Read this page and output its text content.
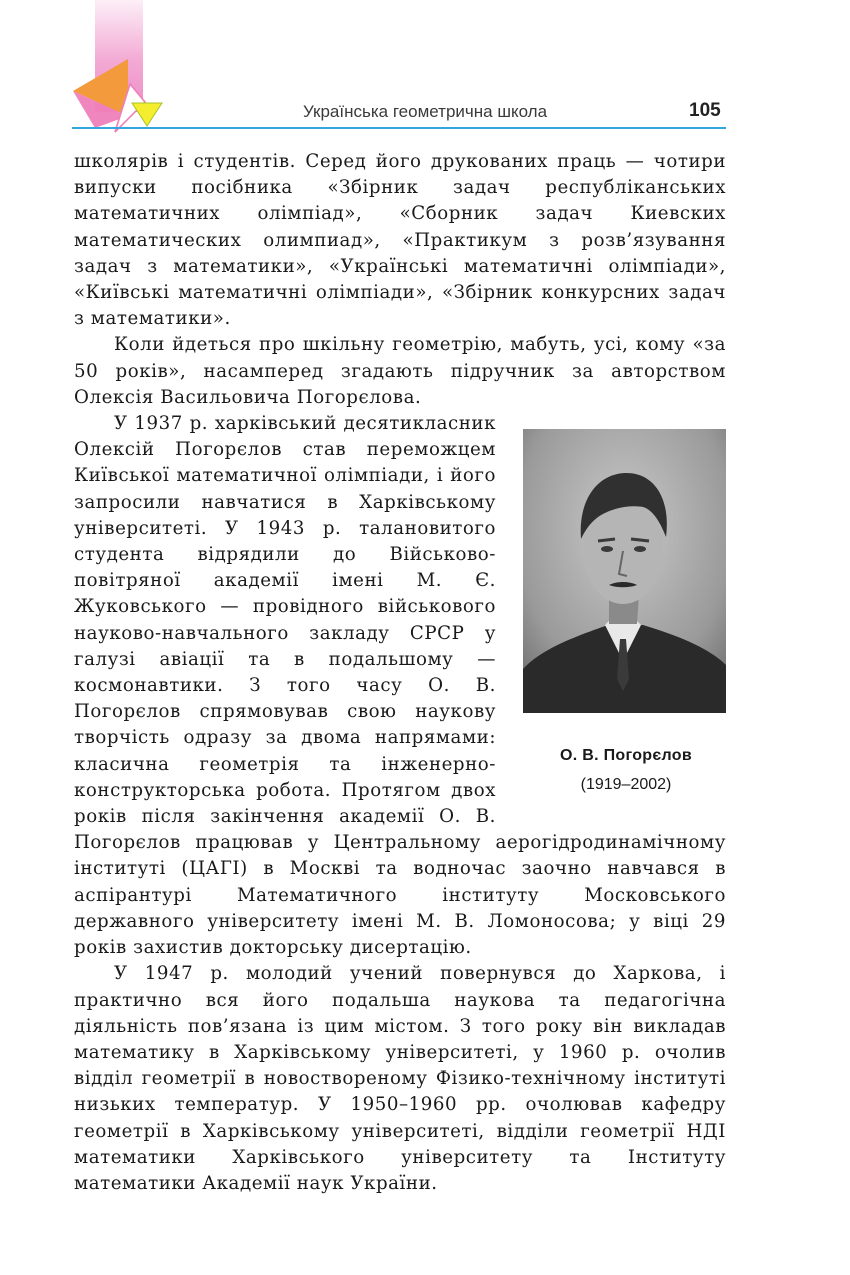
Українська геометрична школа	105

школярів і студентів. Серед його друкованих праць — чотири випуски посібника «Збірник задач республіканських математичних олімпіад», «Сборник задач Киевских математических олимпиад», «Практикум з розв’язування задач з математики», «Українські математичні олімпіади», «Київські математичні олімпіади», «Збірник конкурсних задач з математики».

Коли йдеться про шкільну геометрію, мабуть, усі, кому «за 50 років», насамперед згадають підручник за авторством Олексія Васильовича Погорєлова.

О. В. Погорєлов
(1919–2002)

У 1937 р. харківський десятикласник Олексій Погорєлов став переможцем Київської математичної олімпіади, і його запросили навчатися в Харківському університеті. У 1943 р. талановитого студента відрядили до Військово-повітряної академії імені М. Є. Жуковського — провідного військового науково-навчального закладу СРСР у галузі авіації та в подальшому — космонавтики. З того часу О. В. Погорєлов спрямовував свою наукову творчість одразу за двома напрямами: класична геометрія та інженерно-конструкторська робота. Протягом двох років після закінчення академії О. В. Погорєлов працював у Центральному аерогідродинамічному інституті (ЦАГІ) в Москві та водночас заочно навчався в аспірантурі Математичного інституту Московського державного університету імені М. В. Ломоносова; у віці 29 років захистив докторську дисертацію.

У 1947 р. молодий учений повернувся до Харкова, і практично вся його подальша наукова та педагогічна діяльність пов’язана із цим містом. З того року він викладав математику в Харківському університеті, у 1960 р. очолив відділ геометрії в новоствореному Фізико-технічному інституті низьких температур. У 1950–1960 рр. очолював кафедру геометрії в Харківському університеті, відділи геометрії НДІ математики Харківського університету та Інституту математики Академії наук України.
